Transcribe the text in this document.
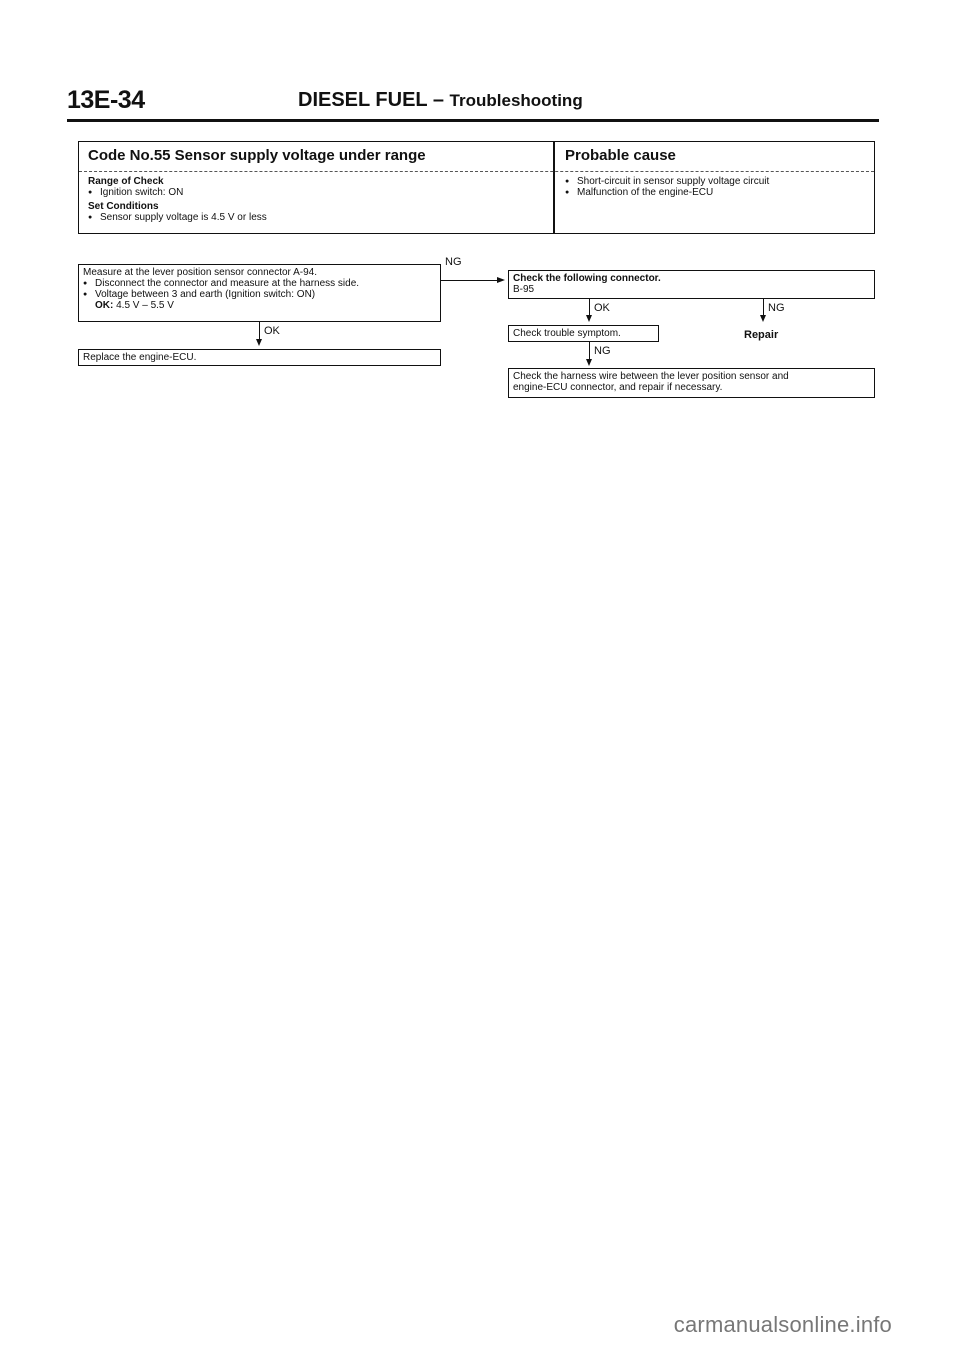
13E-34	DIESEL FUEL – Troubleshooting
Code No.55 Sensor supply voltage under range	Probable cause
Range of Check
● Ignition switch: ON
Set Conditions
● Sensor supply voltage is 4.5 V or less
● Short-circuit in sensor supply voltage circuit
● Malfunction of the engine-ECU
Measure at the lever position sensor connector A-94.
● Disconnect the connector and measure at the harness side.
● Voltage between 3 and earth (Ignition switch: ON)
OK: 4.5 V – 5.5 V
NG
OK
Replace the engine-ECU.
Check the following connector.
B-95
OK	NG
Repair
Check trouble symptom.
NG
Check the harness wire between the lever position sensor and
engine-ECU connector, and repair if necessary.
carmanualsonline.info
